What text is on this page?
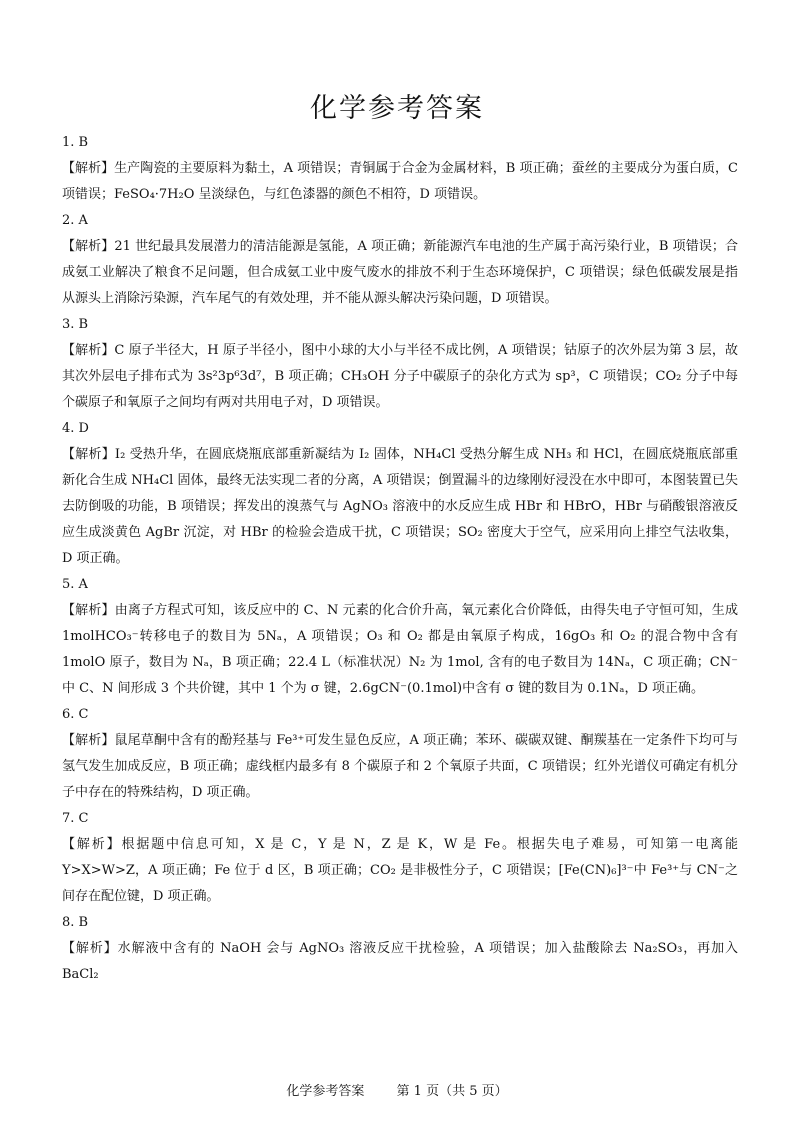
化学参考答案

1. B

【解析】生产陶瓷的主要原料为黏土，A 项错误；青铜属于合金为金属材料，B 项正确；蚕丝的主要成分为蛋白质，C 项错误；FeSO₄·7H₂O 呈淡绿色，与红色漆器的颜色不相符，D 项错误。

2. A

【解析】21 世纪最具发展潜力的清洁能源是氢能，A 项正确；新能源汽车电池的生产属于高污染行业，B 项错误；合成氨工业解决了粮食不足问题，但合成氨工业中废气废水的排放不利于生态环境保护，C 项错误；绿色低碳发展是指从源头上消除污染源，汽车尾气的有效处理，并不能从源头解决污染问题，D 项错误。

3. B

【解析】C 原子半径大，H 原子半径小，图中小球的大小与半径不成比例，A 项错误；钴原子的次外层为第 3 层，故其次外层电子排布式为 3s²3p⁶3d⁷，B 项正确；CH₃OH 分子中碳原子的杂化方式为 sp³，C 项错误；CO₂ 分子中每个碳原子和氧原子之间均有两对共用电子对，D 项错误。

4. D

【解析】I₂ 受热升华，在圆底烧瓶底部重新凝结为 I₂ 固体，NH₄Cl 受热分解生成 NH₃ 和 HCl，在圆底烧瓶底部重新化合生成 NH₄Cl 固体，最终无法实现二者的分离，A 项错误；倒置漏斗的边缘刚好浸没在水中即可，本图装置已失去防倒吸的功能，B 项错误；挥发出的溴蒸气与 AgNO₃ 溶液中的水反应生成 HBr 和 HBrO，HBr 与硝酸银溶液反应生成淡黄色 AgBr 沉淀，对 HBr 的检验会造成干扰，C 项错误；SO₂ 密度大于空气，应采用向上排空气法收集，D 项正确。

5. A

【解析】由离子方程式可知，该反应中的 C、N 元素的化合价升高，氧元素化合价降低，由得失电子守恒可知，生成 1molHCO₃⁻转移电子的数目为 5Nₐ，A 项错误；O₃ 和 O₂ 都是由氧原子构成，16gO₃ 和 O₂ 的混合物中含有 1molO 原子，数目为 Nₐ，B 项正确；22.4 L（标准状况）N₂ 为 1mol, 含有的电子数目为 14Nₐ，C 项正确；CN⁻ 中 C、N 间形成 3 个共价键，其中 1 个为 σ 键，2.6gCN⁻(0.1mol)中含有 σ 键的数目为 0.1Nₐ，D 项正确。

6. C

【解析】鼠尾草酮中含有的酚羟基与 Fe³⁺可发生显色反应，A 项正确；苯环、碳碳双键、酮羰基在一定条件下均可与氢气发生加成反应，B 项正确；虚线框内最多有 8 个碳原子和 2 个氧原子共面，C 项错误；红外光谱仪可确定有机分子中存在的特殊结构，D 项正确。

7. C

【解析】根据题中信息可知，X 是 C，Y 是 N，Z 是 K，W 是 Fe。根据失电子难易，可知第一电离能 Y>X>W>Z，A 项正确；Fe 位于 d 区，B 项正确；CO₂ 是非极性分子，C 项错误；[Fe(CN)₆]³⁻中 Fe³⁺与 CN⁻之间存在配位键，D 项正确。

8. B

【解析】水解液中含有的 NaOH 会与 AgNO₃ 溶液反应干扰检验，A 项错误；加入盐酸除去 Na₂SO₃，再加入 BaCl₂

化学参考答案 第 1 页（共 5 页）
